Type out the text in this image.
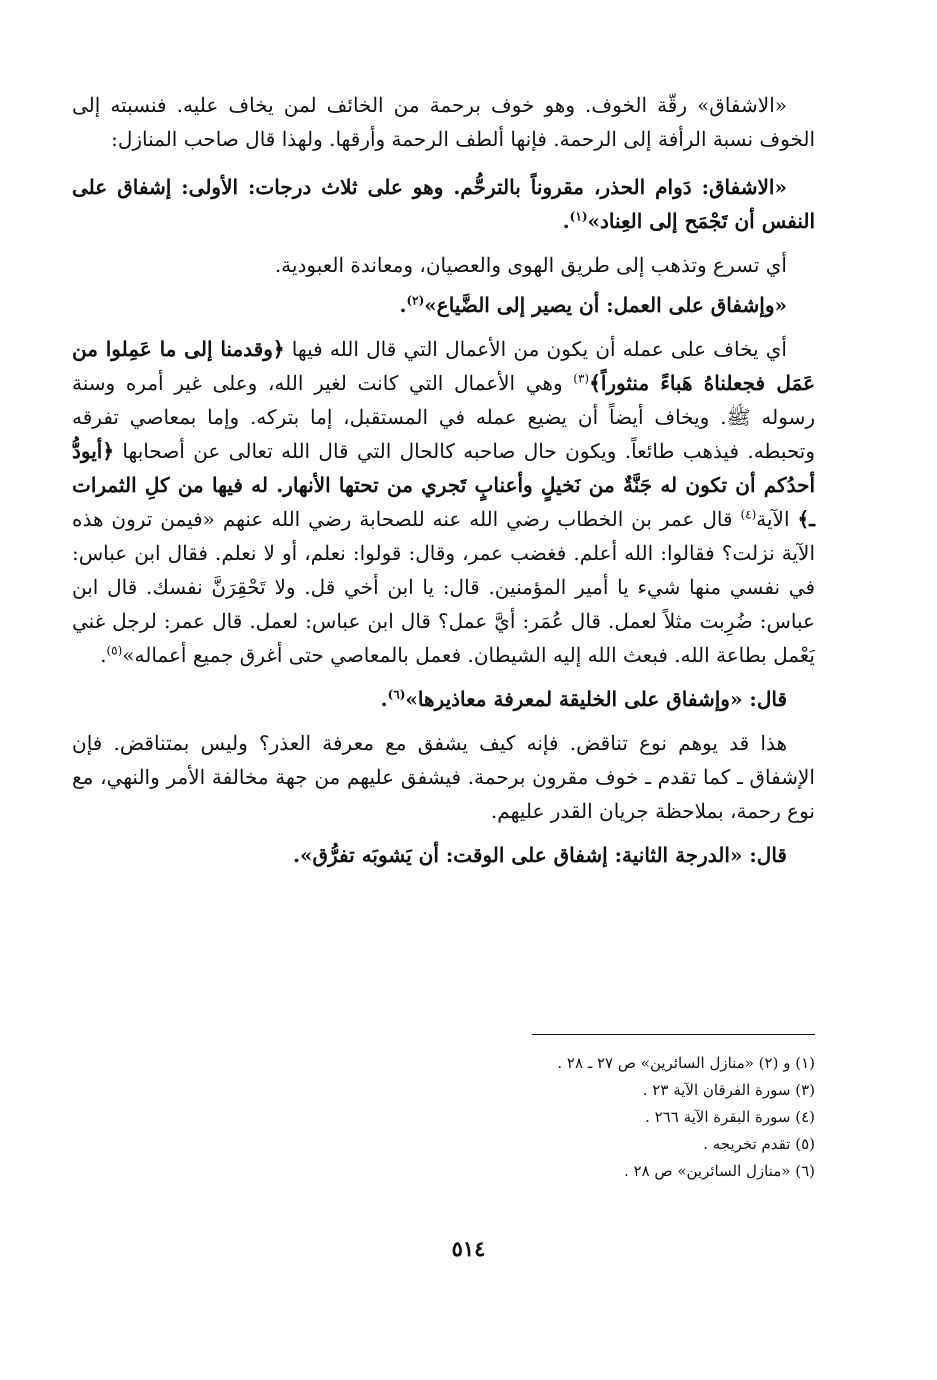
«الاشفاق» رقّة الخوف. وهو خوف برحمة من الخائف لمن يخاف عليه. فنسبته إلى الخوف نسبة الرأفة إلى الرحمة. فإنها ألطف الرحمة وأرقها. ولهذا قال صاحب المنازل:

«الاشفاق: دَوام الحذر، مقروناً بالترحُّم. وهو على ثلاث درجات: الأولى: إشفاق على النفس أن تَجْمَح إلى العِناد»$^{(١)}$.

أي تسرع وتذهب إلى طريق الهوى والعصيان، ومعاندة العبودية.

«وإشفاق على العمل: أن يصير إلى الضَّياع»$^{(٢)}$.

أي يخاف على عمله أن يكون من الأعمال التي قال الله فيها ﴿وقدمنا إلى ما عَمِلوا من عَمَل فجعلناهُ هَباءً منثوراً﴾$^{(٣)}$ وهي الأعمال التي كانت لغير الله، وعلى غير أمره وسنة رسوله ﷺ. ويخاف أيضاً أن يضيع عمله في المستقبل، إما بتركه. وإما بمعاصي تفرقه وتحبطه. فيذهب طائعاً. ويكون حال صاحبه كالحال التي قال الله تعالى عن أصحابها ﴿أيودُّ أحدُكم أن تكون له جَنَّةٌ من نَخيلٍ وأعنابٍ تَجري من تحتها الأنهار. له فيها من كلِ الثمرات ـ﴾ الآية$^{(٤)}$ قال عمر بن الخطاب رضي الله عنه للصحابة رضي الله عنهم «فيمن ترون هذه الآية نزلت؟ فقالوا: الله أعلم. فغضب عمر، وقال: قولوا: نعلم، أو لا نعلم. فقال ابن عباس: في نفسي منها شيء يا أمير المؤمنين. قال: يا ابن أخي قل. ولا تَحْقِرَنَّ نفسك. قال ابن عباس: ضُرِبت مثلاً لعمل. قال عُمَر: أيَّ عمل؟ قال ابن عباس: لعمل. قال عمر: لرجل غني يَعْمل بطاعة الله. فبعث الله إليه الشيطان. فعمل بالمعاصي حتى أغرق جميع أعماله»$^{(٥)}$.

قال: «وإشفاق على الخليقة لمعرفة معاذيرها»$^{(٦)}$.

هذا قد يوهم نوع تناقض. فإنه كيف يشفق مع معرفة العذر؟ وليس بمتناقض. فإن الإشفاق ـ كما تقدم ـ خوف مقرون برحمة. فيشفق عليهم من جهة مخالفة الأمر والنهي، مع نوع رحمة، بملاحظة جريان القدر عليهم.

قال: «الدرجة الثانية: إشفاق على الوقت: أن يَشوبَه تفرُّق».

(١) و (٢) «منازل السائرين» ص ٢٧ ـ ٢٨ .
(٣) سورة الفرقان الآية ٢٣ .
(٤) سورة البقرة الآية ٢٦٦ .
(٥) تقدم تخريجه .
(٦) «منازل السائرين» ص ٢٨ .
٥١٤
